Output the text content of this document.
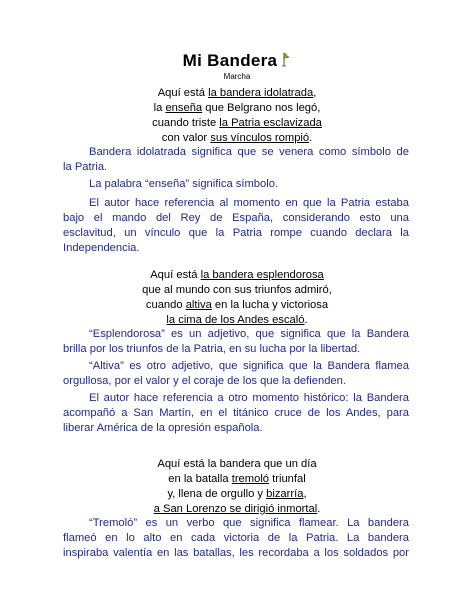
Mi Bandera
Marcha
Aquí está la bandera idolatrada,
la enseña que Belgrano nos legó,
cuando triste la Patria esclavizada
con valor sus vínculos rompió.
Bandera idolatrada significa que se venera como símbolo de
la Patria.
La palabra “enseña” significa símbolo.
El autor hace referencia al momento en que la Patria estaba
bajo el mando del Rey de España, considerando esto una
esclavitud, un vínculo que la Patria rompe cuando declara la
Independencia.
Aquí está la bandera esplendorosa
que al mundo con sus triunfos admiró,
cuando altiva en la lucha y victoriosa
la cima de los Andes escaló.
“Esplendorosa” es un adjetivo, que significa que la Bandera
brilla por los triunfos de la Patria, en su lucha por la libertad.
“Altiva” es otro adjetivo, que significa que la Bandera flamea
orgullosa, por el valor y el coraje de los que la defienden.
El autor hace referencia a otro momento histórico: la Bandera
acompañó a San Martín, en el titánico cruce de los Andes, para
liberar América de la opresión española.
Aquí está la bandera que un día
en la batalla tremoló triunfal
y, llena de orgullo y bizarría,
a San Lorenzo se dirigió inmortal.
“Tremoló” es un verbo que significa flamear. La bandera
flameó en lo alto en cada victoria de la Patria. La bandera
inspiraba valentía en las batallas, les recordaba a los soldados por
